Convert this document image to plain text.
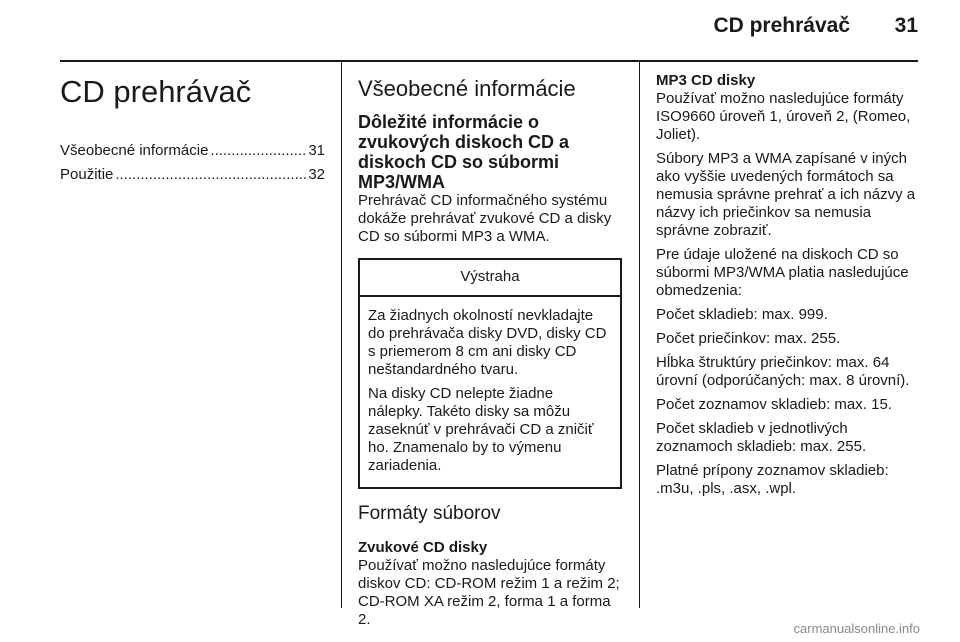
CD prehrávač 31
CD prehrávač
Všeobecné informácie .....	31
Použitie .....	32
Všeobecné informácie
Dôležité informácie o zvukových diskoch CD a diskoch CD so súbormi MP3/WMA

Prehrávač CD informačného systému dokáže prehrávať zvukové CD a disky CD so súbormi MP3 a WMA.

Výstraha

Za žiadnych okolností nevkladajte do prehrávača disky DVD, disky CD s priemerom 8 cm ani disky CD neštandardného tvaru.

Na disky CD nelepte žiadne nálepky. Takéto disky sa môžu zaseknúť v prehrávači CD a zničiť ho. Znamenalo by to výmenu zariadenia.

Formáty súborov
Zvukové CD disky

Používať možno nasledujúce formáty diskov CD: CD-ROM režim 1 a režim 2; CD-ROM XA režim 2, forma 1 a forma 2.

MP3 CD disky

Používať možno nasledujúce formáty ISO9660 úroveň 1, úroveň 2, (Romeo, Joliet).

Súbory MP3 a WMA zapísané v iných ako vyššie uvedených formátoch sa nemusia správne prehrať a ich názvy a názvy ich priečinkov sa nemusia správne zobraziť.

Pre údaje uložené na diskoch CD so súbormi MP3/WMA platia nasledujúce obmedzenia:

Počet skladieb: max. 999.

Počet priečinkov: max. 255.

Hĺbka štruktúry priečinkov: max. 64 úrovní (odporúčaných: max. 8 úrovní).

Počet zoznamov skladieb: max. 15.

Počet skladieb v jednotlivých zoznamoch skladieb: max. 255.

Platné prípony zoznamov skladieb: .m3u, .pls, .asx, .wpl.

carmanualsonline.info
